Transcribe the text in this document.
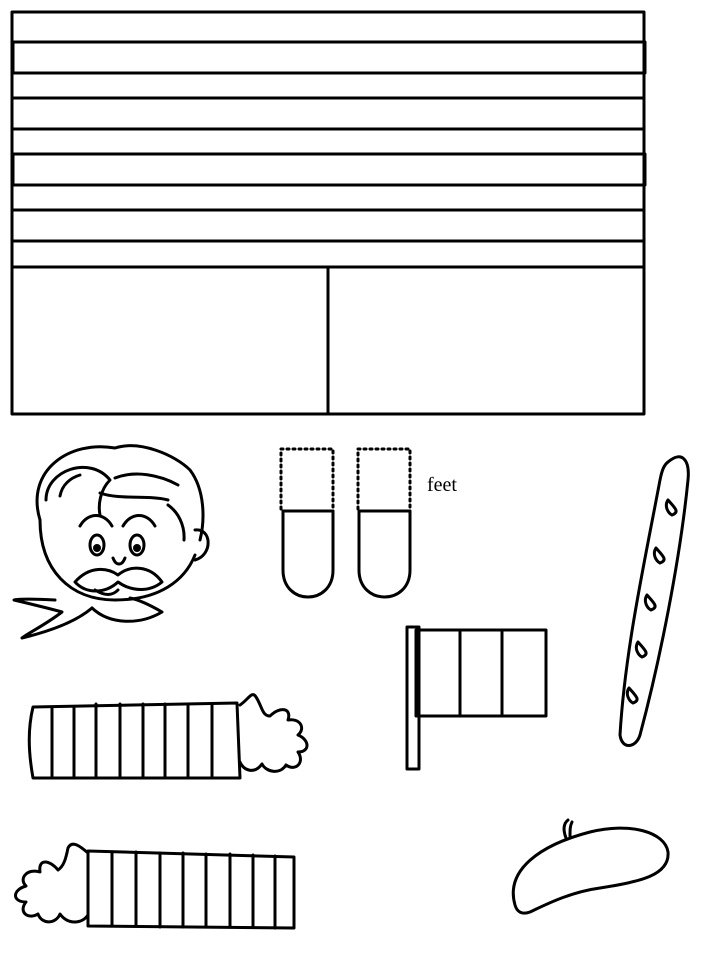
feet
